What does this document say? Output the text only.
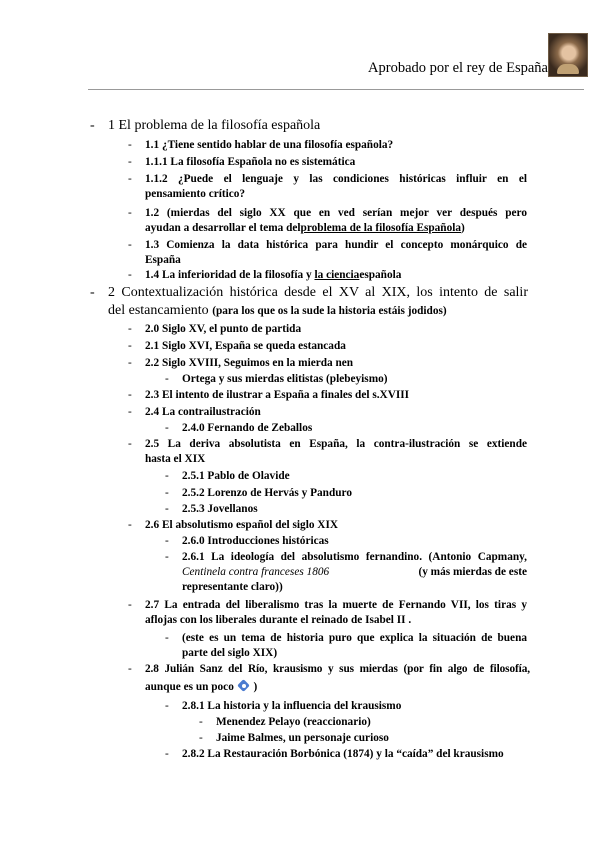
Aprobado por el rey de España
- 1 El problema de la filosofía española
- 1.1 ¿Tiene sentido hablar de una filosofía española?
- 1.1.1 La filosofía Española no es sistemática
- 1.1.2 ¿Puede el lenguaje y las condiciones históricas influir en el
pensamiento crítico?
- 1.2 (mierdas del siglo XX que en ved serían mejor ver después pero
ayudan a desarrollar el tema delproblema de la filosofía Española)
- 1.3 Comienza la data histórica para hundir el concepto monárquico de
España
- 1.4 La inferioridad de la filosofía y la cienciaespañola
- 2 Contextualización histórica desde el XV al XIX, los intento de salir
del estancamiento (para los que os la sude la historia estáis jodidos)
- 2.0 Siglo XV, el punto de partida
- 2.1 Siglo XVI, España se queda estancada
- 2.2 Siglo XVIII, Seguimos en la mierda nen
- Ortega y sus mierdas elitistas (plebeyismo)
- 2.3 El intento de ilustrar a España a finales del s.XVIII
- 2.4 La contrailustración
- 2.4.0 Fernando de Zeballos
- 2.5 La deriva absolutista en España, la contra-ilustración se extiende
hasta el XIX
- 2.5.1 Pablo de Olavide
- 2.5.2 Lorenzo de Hervás y Panduro
- 2.5.3 Jovellanos
- 2.6 El absolutismo español del siglo XIX
- 2.6.0 Introducciones históricas
- 2.6.1 La ideología del absolutismo fernandino. (Antonio Capmany,
Centinela contra franceses 1806	(y más mierdas de este
representante claro))
- 2.7 La entrada del liberalismo tras la muerte de Fernando VII, los tiras y
aflojas con los liberales durante el reinado de Isabel II .
- (este es un tema de historia puro que explica la situación de buena
parte del siglo XIX)
- 2.8 Julián Sanz del Río, krausismo y sus mierdas (por fin algo de filosofía,
aunque es un poco )
- 2.8.1 La historia y la influencia del krausismo
- Menendez Pelayo (reaccionario)
- Jaime Balmes, un personaje curioso
- 2.8.2 La Restauración Borbónica (1874) y la “caída” del krausismo
